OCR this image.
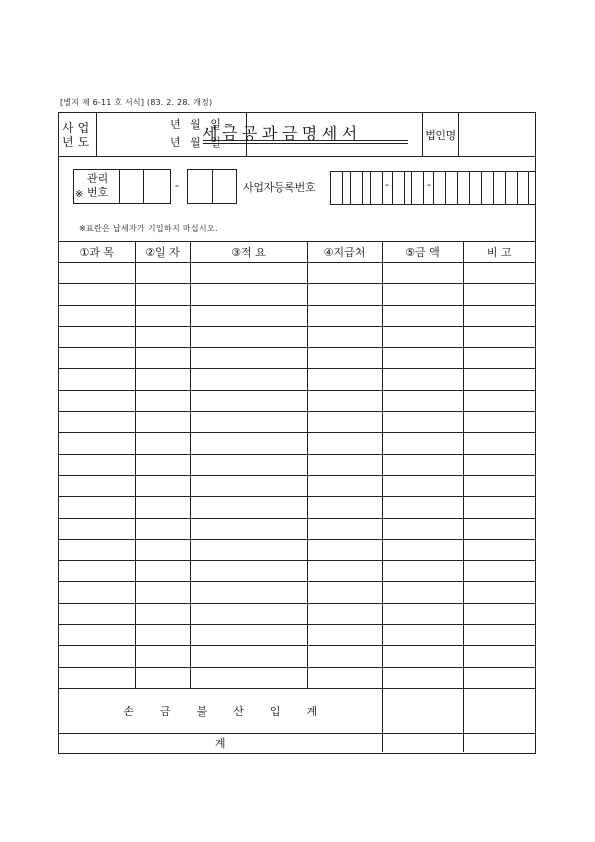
[별지 제 6-11 호 서식] (83. 2. 28. 개정)
사업
년도
년 월 일~
년 월 일
세금공과금명세서	법인명
※
관리
번호
-	사업자등록번호	-	-
※표란은 납세자가 기입하지 마십시오.
①과 목	②일 자	③적 요	④지급처	⑤금 액	비 고

손금불산입계					
계					
